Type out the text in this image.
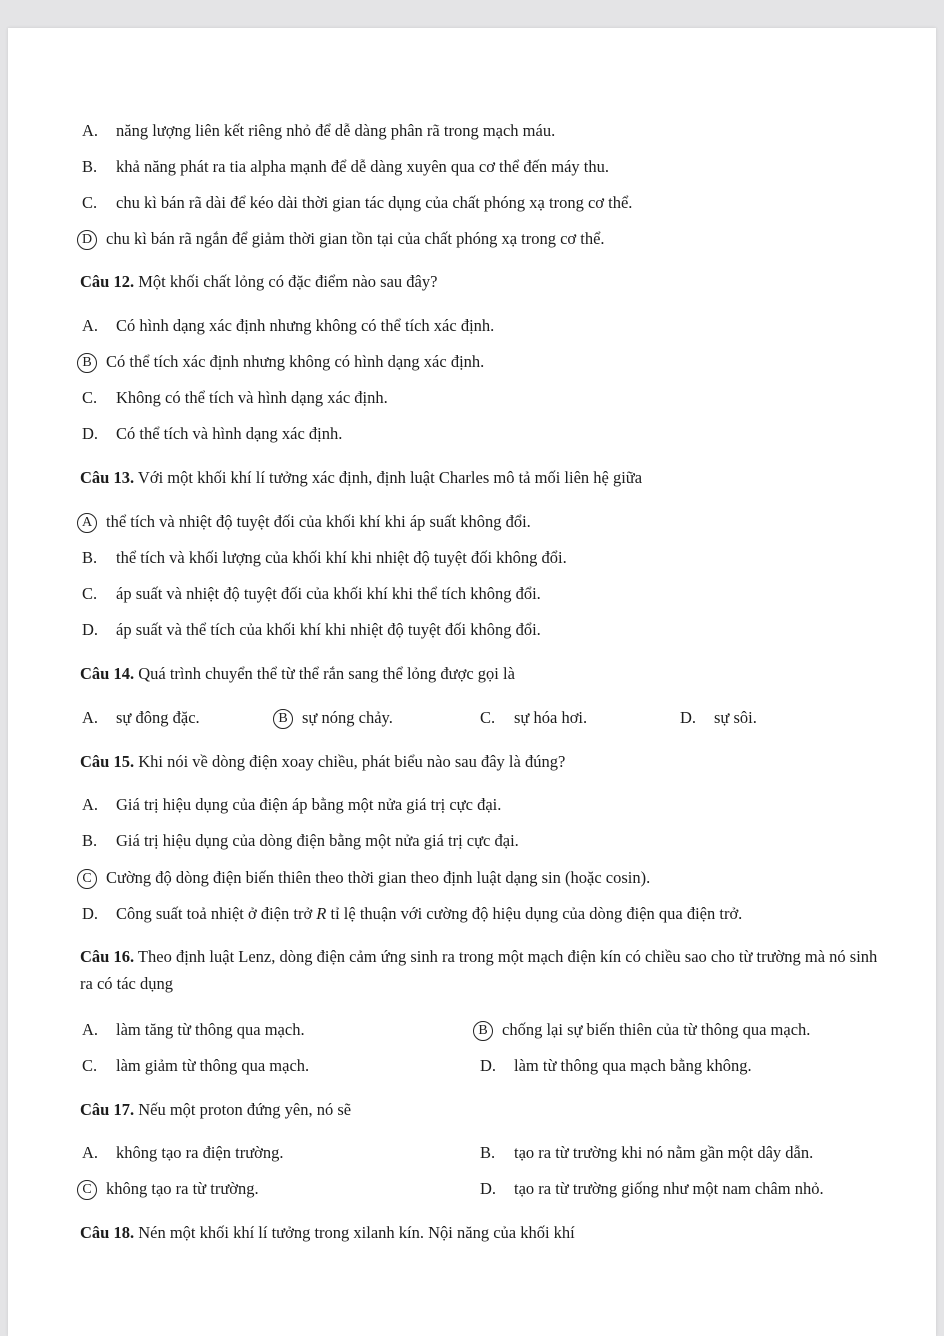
A. năng lượng liên kết riêng nhỏ để dễ dàng phân rã trong mạch máu.
B. khả năng phát ra tia alpha mạnh để dễ dàng xuyên qua cơ thể đến máy thu.
C. chu kì bán rã dài để kéo dài thời gian tác dụng của chất phóng xạ trong cơ thể.
D chu kì bán rã ngắn để giảm thời gian tồn tại của chất phóng xạ trong cơ thể.
Câu 12. Một khối chất lỏng có đặc điểm nào sau đây?
A. Có hình dạng xác định nhưng không có thể tích xác định.
B Có thể tích xác định nhưng không có hình dạng xác định.
C. Không có thể tích và hình dạng xác định.
D. Có thể tích và hình dạng xác định.
Câu 13. Với một khối khí lí tưởng xác định, định luật Charles mô tả mối liên hệ giữa
A thể tích và nhiệt độ tuyệt đối của khối khí khi áp suất không đổi.
B. thể tích và khối lượng của khối khí khi nhiệt độ tuyệt đối không đổi.
C. áp suất và nhiệt độ tuyệt đối của khối khí khi thể tích không đổi.
D. áp suất và thể tích của khối khí khi nhiệt độ tuyệt đối không đổi.
Câu 14. Quá trình chuyển thể từ thể rắn sang thể lỏng được gọi là
A. sự đông đặc.	B sự nóng chảy.	C. sự hóa hơi.	D. sự sôi.
Câu 15. Khi nói về dòng điện xoay chiều, phát biểu nào sau đây là đúng?
A. Giá trị hiệu dụng của điện áp bằng một nửa giá trị cực đại.
B. Giá trị hiệu dụng của dòng điện bằng một nửa giá trị cực đại.
C Cường độ dòng điện biến thiên theo thời gian theo định luật dạng sin (hoặc cosin).
D. Công suất toả nhiệt ở điện trở R tỉ lệ thuận với cường độ hiệu dụng của dòng điện qua điện trở.
Câu 16. Theo định luật Lenz, dòng điện cảm ứng sinh ra trong một mạch điện kín có chiều sao cho từ trường mà nó sinh ra có tác dụng
A. làm tăng từ thông qua mạch.	B chống lại sự biến thiên của từ thông qua mạch.
C. làm giảm từ thông qua mạch.	D. làm từ thông qua mạch bằng không.
Câu 17. Nếu một proton đứng yên, nó sẽ
A. không tạo ra điện trường.	B. tạo ra từ trường khi nó nằm gần một dây dẫn.
C không tạo ra từ trường.	D. tạo ra từ trường giống như một nam châm nhỏ.
Câu 18. Nén một khối khí lí tưởng trong xilanh kín. Nội năng của khối khí
